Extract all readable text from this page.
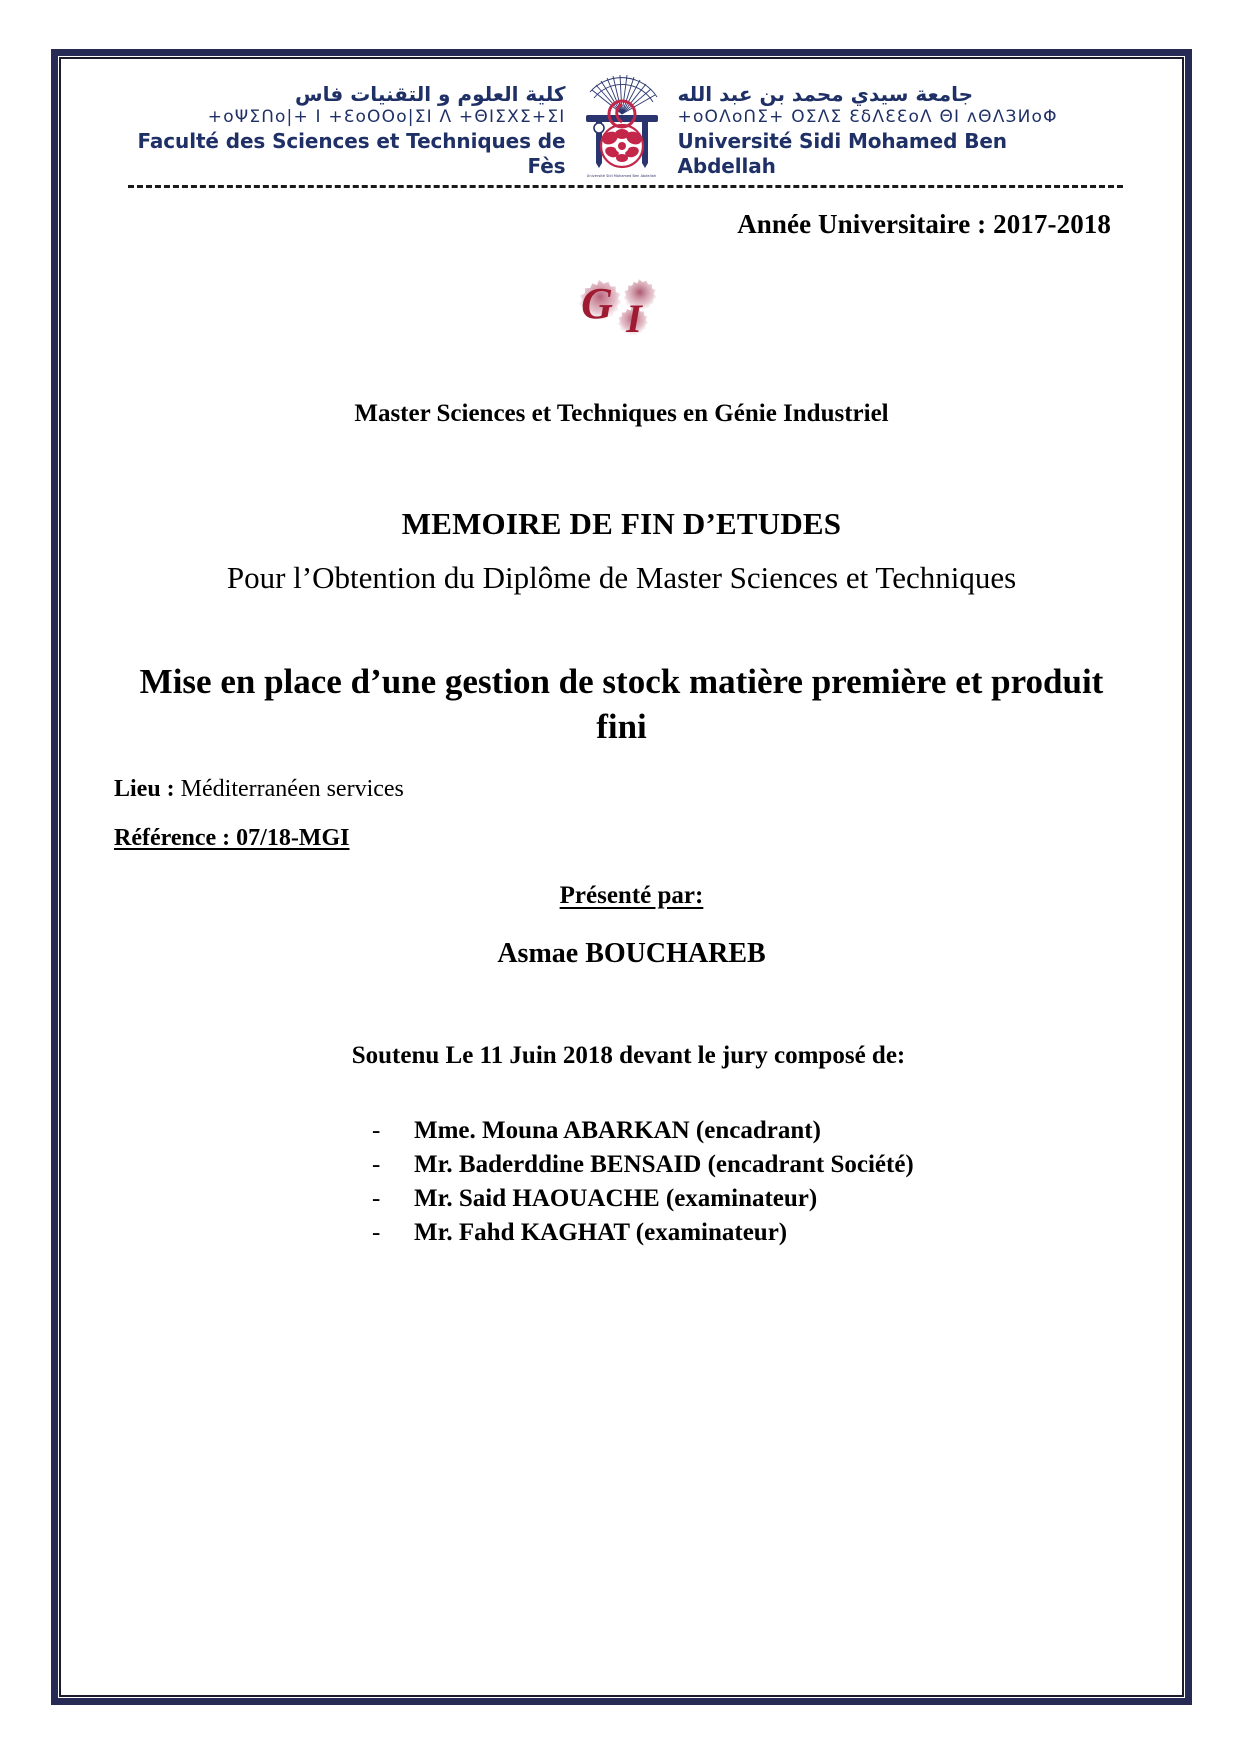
كلية العلوم و التقنيات فاس
+oΨΣՈo|+ I +ƐoOOo|ΣI Λ +ΘIΣXΣ+ΣI
Faculté des Sciences et Techniques de Fès	Université Sidi Mohamed Ben Abdellah
جامعة سيدي محمد بن عبد الله
+oOΛoՈΣ+ OΣΛΣ ƐδΛƐƐoΛ ΘI ʌΘΛЗИоΦ
Université Sidi Mohamed Ben Abdellah
Année Universitaire : 2017-2018
G I
Master Sciences et Techniques en Génie Industriel
MEMOIRE DE FIN D’ETUDES
Pour l’Obtention du Diplôme de Master Sciences et Techniques
Mise en place d’une gestion de stock matière première et produit fini
Lieu : Méditerranéen services
Référence : 07/18-MGI
Présenté par:
Asmae BOUCHAREB
Soutenu Le 11 Juin 2018 devant le jury composé de:
- Mme. Mouna ABARKAN (encadrant)
- Mr. Baderddine BENSAID (encadrant Société)
- Mr. Said HAOUACHE (examinateur)
- Mr. Fahd KAGHAT (examinateur)
